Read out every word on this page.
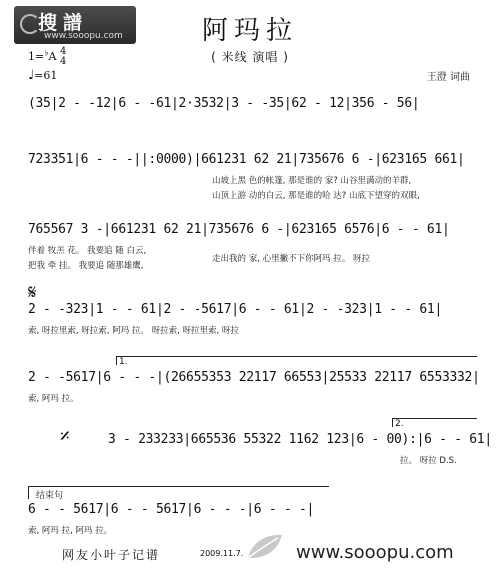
搜譜
www.sooopu.com	阿玛拉
( 米线 演唱 )
王澄 词曲
1=♭A 4
4
♩=61
(35|2 - -12|6 - -61|2·3532|3 - -35|62 - 12|356 - 56|
723351|6 - - -||:0000)|661231 62 21|735676 6 -|623165 661|
山坡上黑 色的帐篷, 那是谁的 家? 山谷里满动的羊群,
山顶上游 动的白云, 那是谁的哈 达? 山底下望穿的双眼,
765567 3 -|661231 62 21|735676 6 -|623165 6576|6 - - 61|
伴着 牧羔 花。 我要追 随 白云,
把我 牵 挂。 我要追 随那雄鹰,
走出我的 家, 心里撇不下你阿玛 拉。 呀拉
𝄋
2 - -323|1 - - 61|2 - -5617|6 - - 61|2 - -323|1 - - 61|
索, 呀拉里索, 呀拉索, 阿玛 拉。 呀拉索, 呀拉里索, 呀拉
1.
2 - -5617|6 - - -|(26655353 22117 66553|25533 22117 6553332|
索, 阿玛 拉。
𝄎	2.
3 - 233233|665536 55322 1162 123|6 - 00):|6 - - 61|
拉。 呀拉 D.S.
结束句
6 - - 5617|6 - - 5617|6 - - -|6 - - -|
索, 阿玛 拉, 阿玛 拉。
网友小叶子记谱	2009.11.7.	www.sooopu.com
